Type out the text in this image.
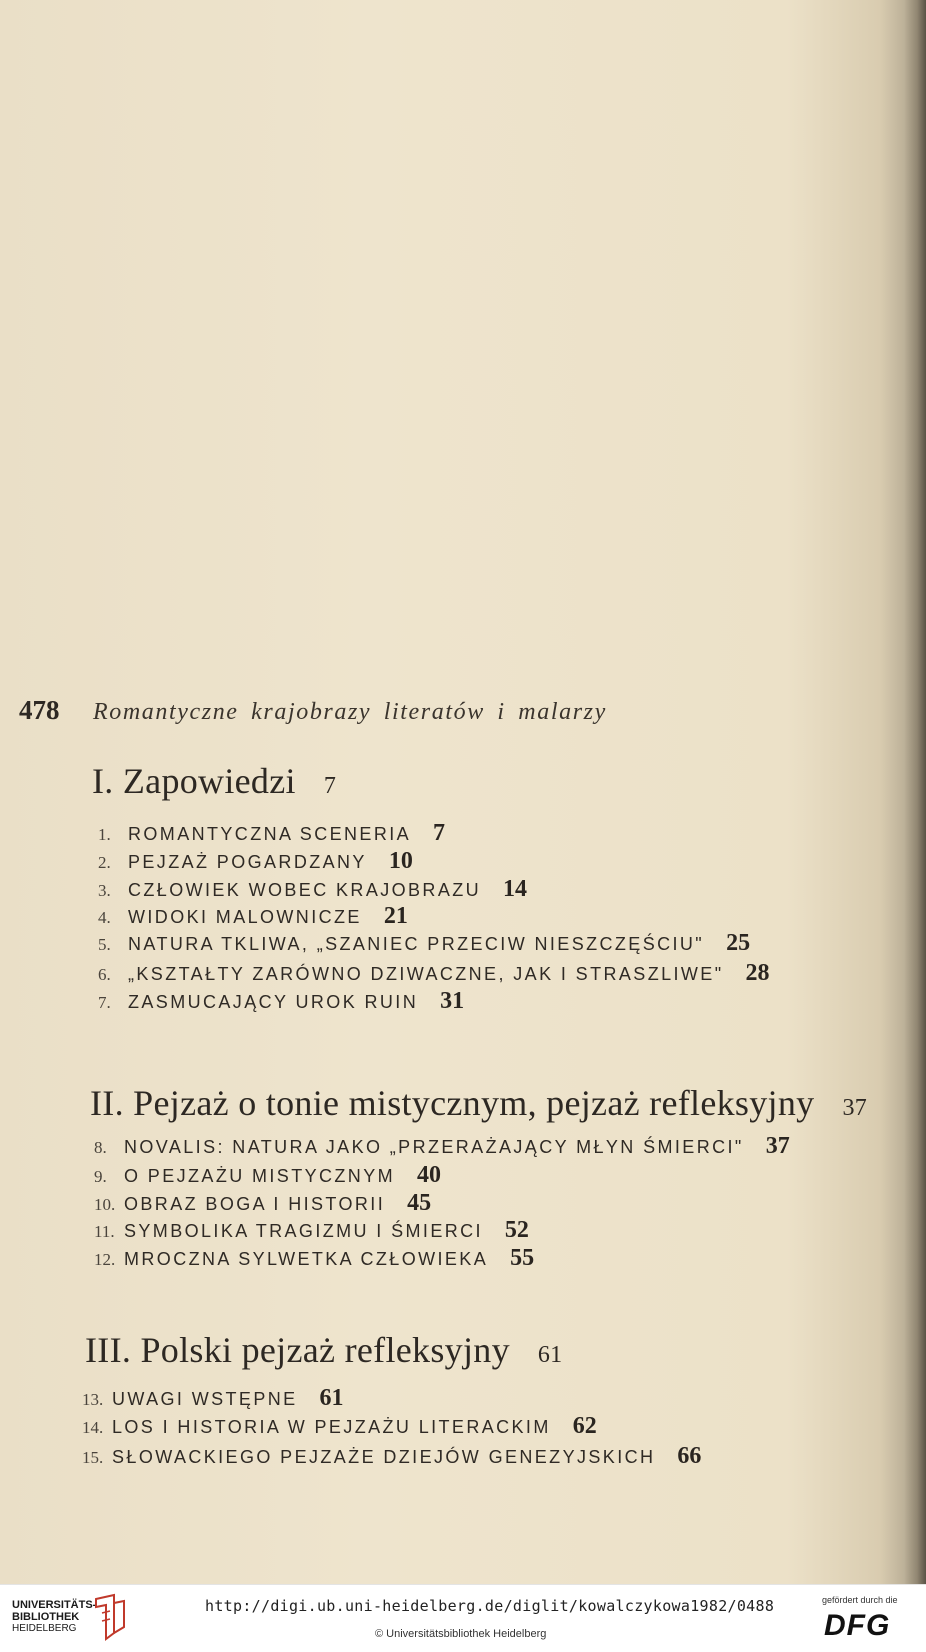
478 Romantyczne krajobrazy literatów i malarzy
I. Zapowiedzi 7
1. ROMANTYCZNA SCENERIA 7
2. PEJZAŻ POGARDZANY 10
3. CZŁOWIEK WOBEC KRAJOBRAZU 14
4. WIDOKI MALOWNICZE 21
5. NATURA TKLIWA, „SZANIEC PRZECIW NIESZCZĘŚCIU" 25
6. „KSZTAŁTY ZARÓWNO DZIWACZNE, JAK I STRASZLIWE" 28
7. ZASMUCAJĄCY UROK RUIN 31
II. Pejzaż o tonie mistycznym, pejzaż refleksyjny 37
8. NOVALIS: NATURA JAKO „PRZERAŻAJĄCY MŁYN ŚMIERCI" 37
9. O PEJZAŻU MISTYCZNYM 40
10. OBRAZ BOGA I HISTORII 45
11. SYMBOLIKA TRAGIZMU I ŚMIERCI 52
12. MROCZNA SYLWETKA CZŁOWIEKA 55
III. Polski pejzaż refleksyjny 61
13. UWAGI WSTĘPNE 61
14. LOS I HISTORIA W PEJZAŻU LITERACKIM 62
15. SŁOWACKIEGO PEJZAŻE DZIEJÓW GENEZYJSKICH 66
UNIVERSITÄTS-
BIBLIOTHEK
HEIDELBERG
http://digi.ub.uni-heidelberg.de/diglit/kowalczykowa1982/0488
© Universitätsbibliothek Heidelberg
gefördert durch die
DFG
